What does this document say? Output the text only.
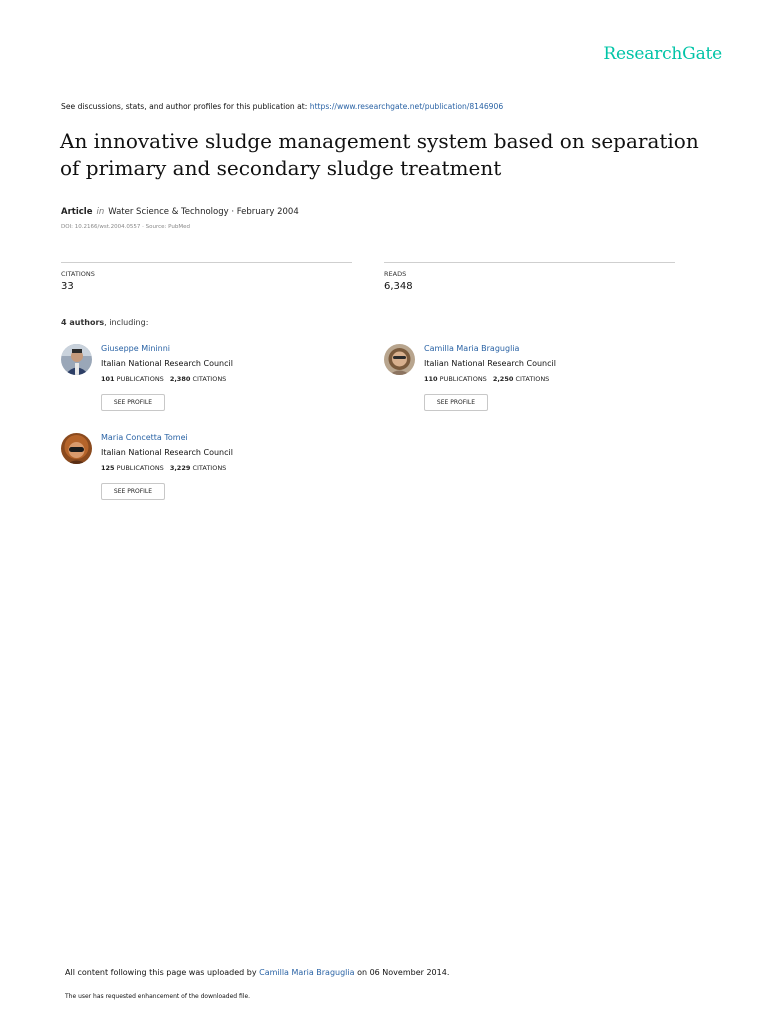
ResearchGate
See discussions, stats, and author profiles for this publication at: https://www.researchgate.net/publication/8146906
An innovative sludge management system based on separation of primary and secondary sludge treatment
Article in Water Science & Technology · February 2004
DOI: 10.2166/wst.2004.0557 · Source: PubMed
CITATIONS
33
READS
6,348
4 authors, including:
Giuseppe Mininni
Italian National Research Council
101 PUBLICATIONS 2,380 CITATIONS
SEE PROFILE
Camilla Maria Braguglia
Italian National Research Council
110 PUBLICATIONS 2,250 CITATIONS
SEE PROFILE
Maria Concetta Tomei
Italian National Research Council
125 PUBLICATIONS 3,229 CITATIONS
SEE PROFILE
All content following this page was uploaded by Camilla Maria Braguglia on 06 November 2014.
The user has requested enhancement of the downloaded file.
